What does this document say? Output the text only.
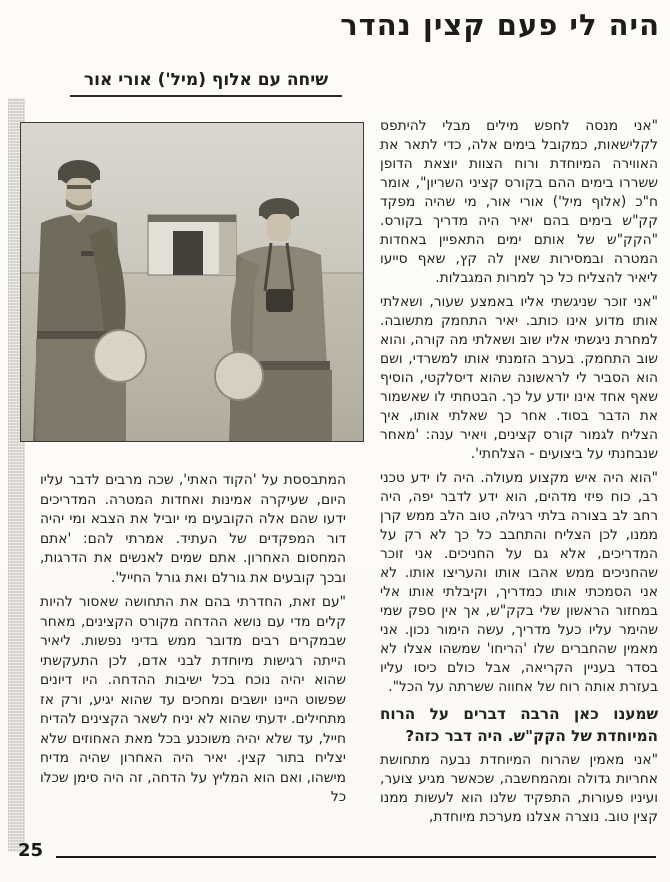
היה לי פעם קצין נהדר
שיחה עם אלוף (מיל') אורי אור

"אני מנסה לחפש מילים מבלי להיתפס לקלישאות, כמקובל בימים אלה, כדי לתאר את האווירה המיוחדת ורוח הצוות יוצאת הדופן ששררו בימים ההם בקורס קציני השריון", אומר ח"כ (אלוף מיל') אורי אור, מי שהיה מפקד קק"ש בימים בהם יאיר היה מדריך בקורס. "הקק"ש של אותם ימים התאפיין באחדות המטרה ובמסירות שאין לה קץ, שאף סייעו ליאיר להצליח כל כך למרות המגבלות.

"אני זוכר שניגשתי אליו באמצע שעור, ושאלתי אותו מדוע אינו כותב. יאיר התחמק מתשובה. למחרת ניגשתי אליו שוב ושאלתי מה קורה, והוא שוב התחמק. בערב הזמנתי אותו למשרדי, ושם הוא הסביר לי לראשונה שהוא דיסלקטי, הוסיף שאף אחד אינו יודע על כך. הבטחתי לו שאשמור את הדבר בסוד. אחר כך שאלתי אותו, איך הצליח לגמור קורס קצינים, ויאיר ענה: 'מאחר שנבחנתי על ביצועים - הצלחתי'.

"הוא היה איש מקצוע מעולה. היה לו ידע טכני רב, כוח פיזי מדהים, הוא ידע לדבר יפה, היה רחב לב בצורה בלתי רגילה, טוב הלב ממש קרן ממנו, לכן הצליח והתחבב כל כך לא רק על המדריכים, אלא גם על החניכים. אני זוכר שהחניכים ממש אהבו אותו והעריצו אותו. לא אני הסמכתי אותו כמדריך, וקיבלתי אותו אלי במחזור הראשון שלי בקק"ש, אך אין ספק שמי שהימר עליו כעל מדריך, עשה הימור נכון. אני מאמין שהחברים שלו 'הריחו' שמשהו אצלו לא בסדר בעניין הקריאה, אבל כולם כיסו עליו בעזרת אותה רוח של אחווה ששרתה על הכל".

שמענו כאן הרבה דברים על הרוח המיוחדת של הקק"ש. היה דבר כזה?

"אני מאמין שהרוח המיוחדת נבעה מתחושת אחריות גדולה ומהמחשבה, שכאשר מגיע צוער, ועיניו פעורות, התפקיד שלנו הוא לעשות ממנו קצין טוב. נוצרה אצלנו מערכת מיוחדת,

המתבססת על 'הקוד האתי', שכה מרבים לדבר עליו היום, שעיקרה אמינות ואחדות המטרה. המדריכים ידעו שהם אלה הקובעים מי יוביל את הצבא ומי יהיה דור המפקדים של העתיד. אמרתי להם: 'אתם המחסום האחרון. אתם שמים לאנשים את הדרגות, ובכך קובעים את גורלם ואת גורל החייל'.

"עם זאת, החדרתי בהם את התחושה שאסור להיות קלים מדי עם נושא ההדחה מקורס הקצינים, מאחר שבמקרים רבים מדובר ממש בדיני נפשות. ליאיר הייתה רגישות מיוחדת לבני אדם, לכן התעקשתי שהוא יהיה נוכח בכל ישיבות ההדחה. היו דיונים שפשוט היינו יושבים ומחכים עד שהוא יגיע, ורק אז מתחילים. ידעתי שהוא לא יניח לשאר הקצינים להדיח חייל, עד שלא יהיה משוכנע בכל מאת האחוזים שלא יצליח בתור קצין. יאיר היה האחרון שהיה מדיח מישהו, ואם הוא המליץ על הדחה, זה היה סימן שכלו כל

25
